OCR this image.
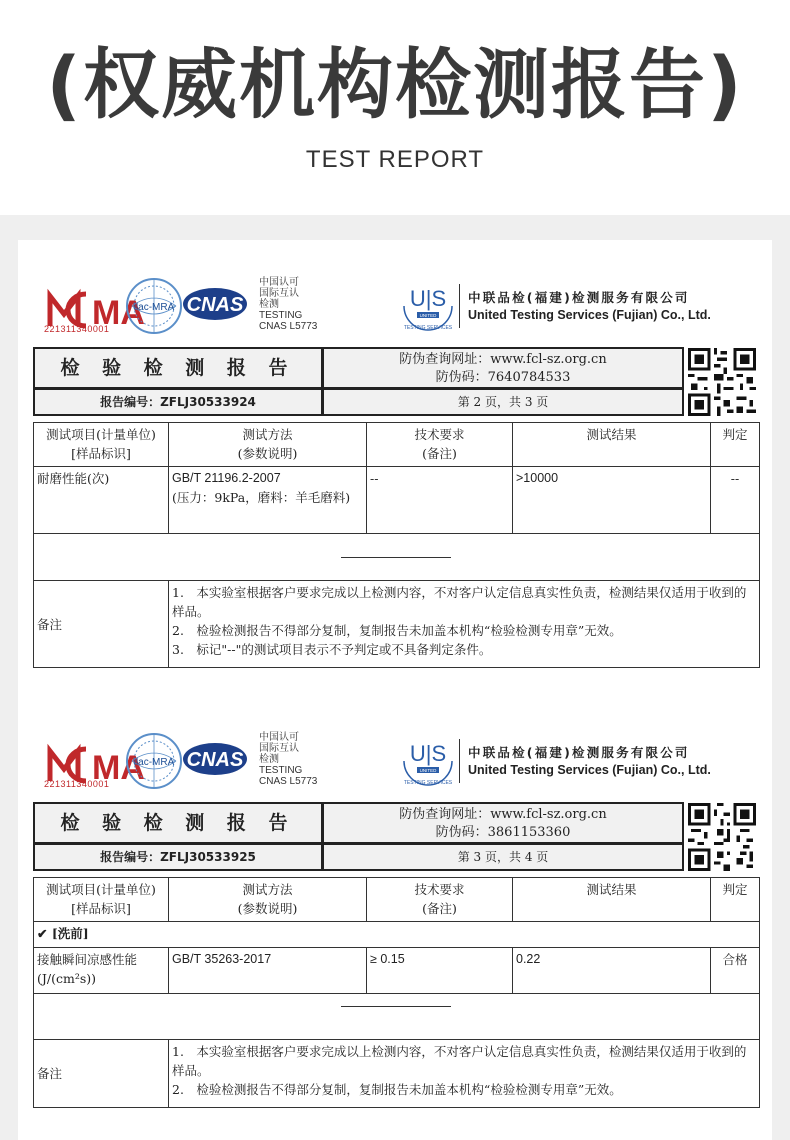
(权威机构检测报告)
TEST REPORT
MA
221311340001
ilac-MRA CNAS
中国认可
国际互认
检测
TESTING
CNAS L5773
U|S
UNITED
TESTING SERVICES
中联品检(福建)检测服务有限公司
United Testing Services (Fujian) Co., Ltd.
检 验 检 测 报 告	防伪查询网址：www.fcl-sz.org.cn
防伪码：7640784533
报告编号：ZFLJ30533924	第 2 页，共 3 页
测试项目(计量单位)
[样品标识]	测试方法
(参数说明)	技术要求
(备注)	测试结果	判定
耐磨性能(次)	GB/T 21196.2-2007
(压力：9kPa，磨料：羊毛磨料)	--	>10000	--

备注	1.　本实验室根据客户要求完成以上检测内容，不对客户认定信息真实性负责，检测结果仅适用于收到的样品。
2.　检验检测报告不得部分复制，复制报告未加盖本机构“检验检测专用章”无效。
3.　标记"--"的测试项目表示不予判定或不具备判定条件。			
MA
221311340001
ilac-MRA CNAS
中国认可
国际互认
检测
TESTING
CNAS L5773
U|S
UNITED
TESTING SERVICES
中联品检(福建)检测服务有限公司
United Testing Services (Fujian) Co., Ltd.
检 验 检 测 报 告	防伪查询网址：www.fcl-sz.org.cn
防伪码：3861153360
报告编号：ZFLJ30533925	第 3 页，共 4 页
测试项目(计量单位)
[样品标识]	测试方法
(参数说明)	技术要求
(备注)	测试结果	判定
✔ [洗前]				

接触瞬间凉感性能
(J/(cm²s))	GB/T 35263-2017	≥ 0.15	0.22	合格

备注	1.　本实验室根据客户要求完成以上检测内容，不对客户认定信息真实性负责，检测结果仅适用于收到的样品。
2.　检验检测报告不得部分复制，复制报告未加盖本机构“检验检测专用章”无效。			
